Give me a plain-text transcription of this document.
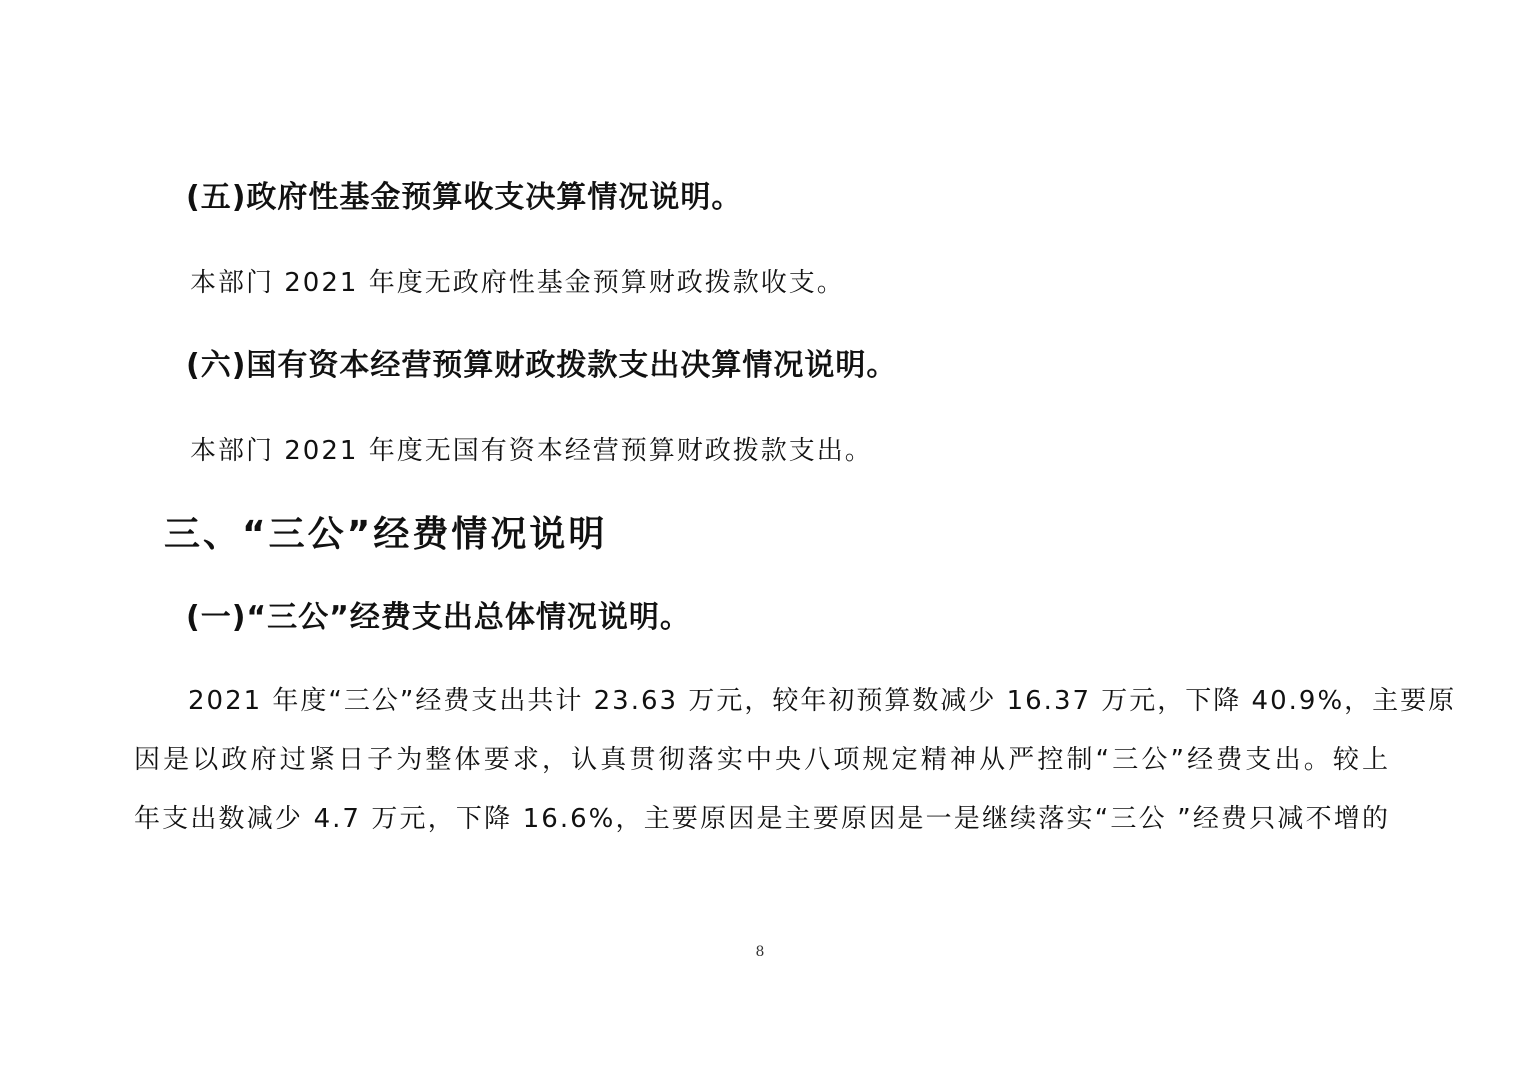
(五)政府性基金预算收支决算情况说明。

本部门 2021 年度无政府性基金预算财政拨款收支。

(六)国有资本经营预算财政拨款支出决算情况说明。

本部门 2021 年度无国有资本经营预算财政拨款支出。

三、“三公”经费情况说明

(一)“三公”经费支出总体情况说明。

2021 年度“三公”经费支出共计 23.63 万元，较年初预算数减少 16.37 万元，下降 40.9%，主要原

因是以政府过紧日子为整体要求，认真贯彻落实中央八项规定精神从严控制“三公”经费支出。较上

年支出数减少 4.7 万元，下降 16.6%，主要原因是主要原因是一是继续落实“三公 ”经费只减不增的

8
